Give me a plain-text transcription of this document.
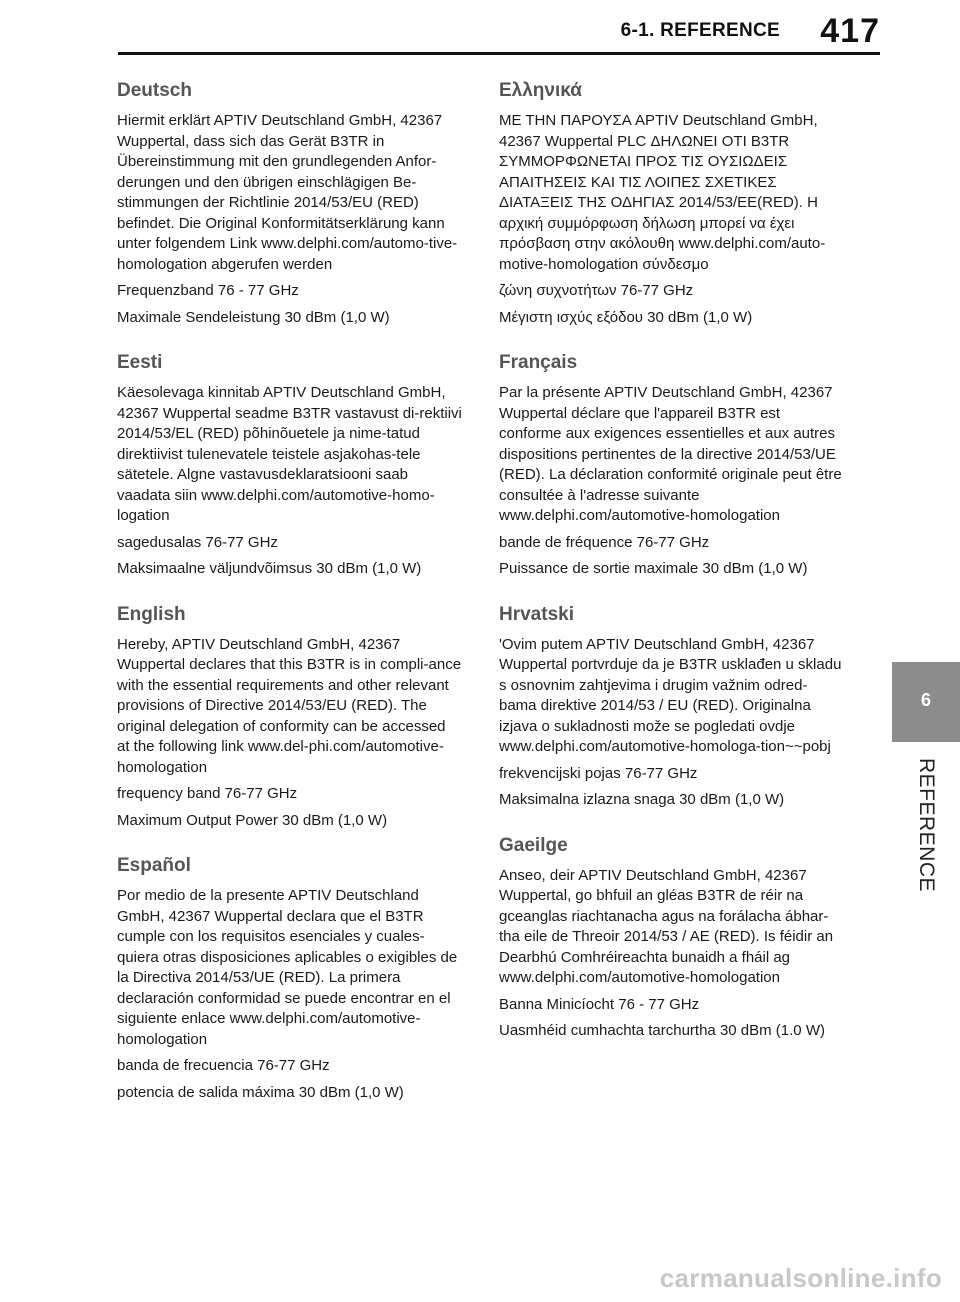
6-1. REFERENCE 417
Deutsch

Hiermit erklärt APTIV Deutschland GmbH, 42367 Wuppertal, dass sich das Gerät B3TR in Übereinstimmung mit den grundlegenden Anfor-derungen und den übrigen einschlägigen Be-stimmungen der Richtlinie 2014/53/EU (RED) befindet. Die Original Konformitätserklärung kann unter folgendem Link www.delphi.com/automo-tive-homologation abgerufen werden

Frequenzband 76 - 77 GHz

Maximale Sendeleistung 30 dBm (1,0 W)

Eesti

Käesolevaga kinnitab APTIV Deutschland GmbH, 42367 Wuppertal seadme B3TR vastavust di-rektiivi 2014/53/EL (RED) põhinõuetele ja nime-tatud direktiivist tulenevatele teistele asjakohas-tele sätetele. Algne vastavusdeklaratsiooni saab vaadata siin www.delphi.com/automotive-homo-logation

sagedusalas 76-77 GHz

Maksimaalne väljundvõimsus 30 dBm (1,0 W)

English

Hereby, APTIV Deutschland GmbH, 42367 Wuppertal declares that this B3TR is in compli-ance with the essential requirements and other relevant provisions of Directive 2014/53/EU (RED). The original delegation of conformity can be accessed at the following link www.del-phi.com/automotive-homologation

frequency band 76-77 GHz

Maximum Output Power 30 dBm (1,0 W)

Español

Por medio de la presente APTIV Deutschland GmbH, 42367 Wuppertal declara que el B3TR cumple con los requisitos esenciales y cuales-quiera otras disposiciones aplicables o exigibles de la Directiva 2014/53/UE (RED). La primera declaración conformidad se puede encontrar en el siguiente enlace www.delphi.com/automotive-homologation

banda de frecuencia 76-77 GHz

potencia de salida máxima 30 dBm (1,0 W)

Ελληνικά

ΜΕ ΤΗΝ ΠΑΡΟΥΣΑ APTIV Deutschland GmbH, 42367 Wuppertal PLC ΔΗΛΩΝΕΙ ΟΤΙ B3TR ΣΥΜΜΟΡΦΩΝΕΤΑΙ ΠΡΟΣ ΤΙΣ ΟΥΣΙΩΔΕΙΣ ΑΠΑΙΤΗΣΕΙΣ ΚΑΙ ΤΙΣ ΛΟΙΠΕΣ ΣΧΕΤΙΚΕΣ ΔΙΑΤΑΞΕΙΣ ΤΗΣ ΟΔΗΓΙΑΣ 2014/53/ΕΕ(RED). Η αρχική συμμόρφωση δήλωση μπορεί να έχει πρόσβαση στην ακόλουθη www.delphi.com/auto-motive-homologation σύνδεσμο

ζώνη συχνοτήτων 76-77 GHz

Μέγιστη ισχύς εξόδου 30 dBm (1,0 W)

Français

Par la présente APTIV Deutschland GmbH, 42367 Wuppertal déclare que l'appareil B3TR est conforme aux exigences essentielles et aux autres dispositions pertinentes de la directive 2014/53/UE (RED). La déclaration conformité originale peut être consultée à l'adresse suivante www.delphi.com/automotive-homologation

bande de fréquence 76-77 GHz

Puissance de sortie maximale 30 dBm (1,0 W)

Hrvatski

'Ovim putem APTIV Deutschland GmbH, 42367 Wuppertal portvrduje da je B3TR usklađen u skladu s osnovnim zahtjevima i drugim važnim odred-bama direktive 2014/53 / EU (RED). Originalna izjava o sukladnosti može se pogledati ovdje www.delphi.com/automotive-homologa-tion~~pobj

frekvencijski pojas 76-77 GHz

Maksimalna izlazna snaga 30 dBm (1,0 W)

Gaeilge

Anseo, deir APTIV Deutschland GmbH, 42367 Wuppertal, go bhfuil an gléas B3TR de réir na gceanglas riachtanacha agus na forálacha ábhar-tha eile de Threoir 2014/53 / AE (RED). Is féidir an Dearbhú Comhréireachta bunaidh a fháil ag www.delphi.com/automotive-homologation

Banna Minicíocht 76 - 77 GHz

Uasmhéid cumhachta tarchurtha 30 dBm (1.0 W)

6
REFERENCE
carmanualsonline.info
